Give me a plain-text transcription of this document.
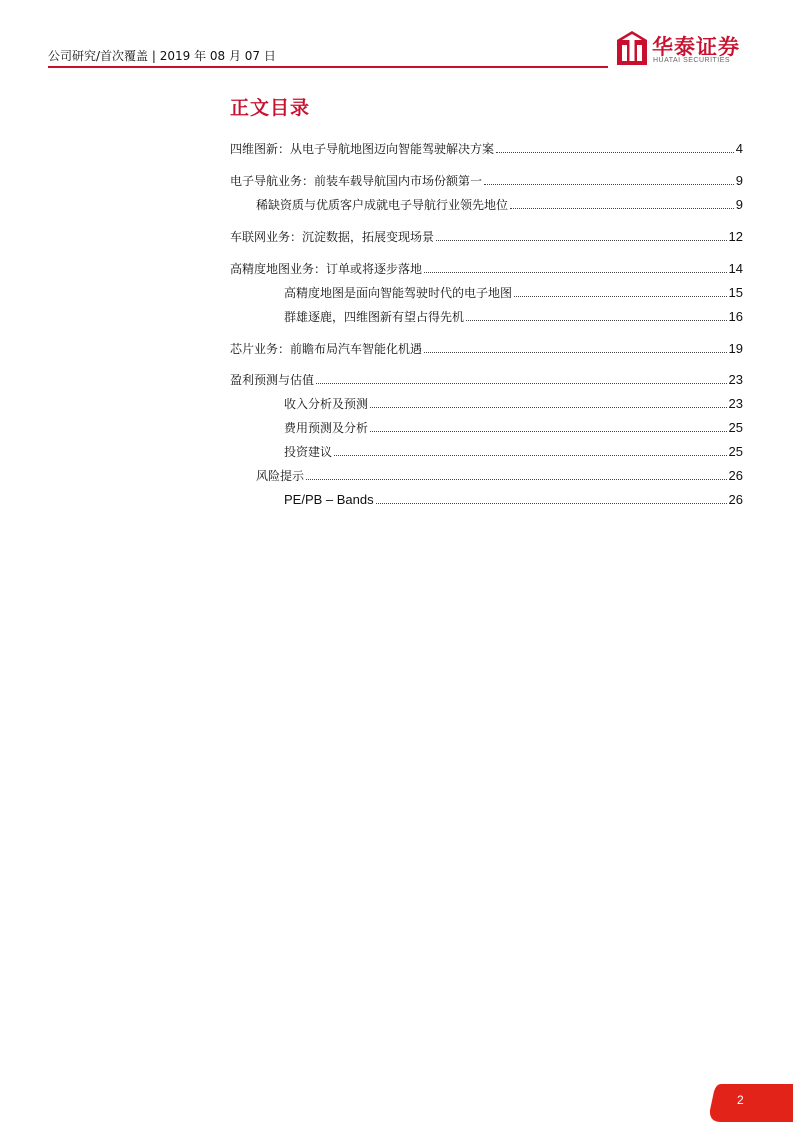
公司研究/首次覆盖 | 2019 年 08 月 07 日	华泰证券
HUATAI SECURITIES
正文目录
四维图新：从电子导航地图迈向智能驾驶解决方案	4
电子导航业务：前装车载导航国内市场份额第一	9
稀缺资质与优质客户成就电子导航行业领先地位	9
车联网业务：沉淀数据，拓展变现场景	12
高精度地图业务：订单或将逐步落地	14
高精度地图是面向智能驾驶时代的电子地图	15
群雄逐鹿，四维图新有望占得先机	16
芯片业务：前瞻布局汽车智能化机遇	19
盈利预测与估值	23
收入分析及预测	23
费用预测及分析	25
投资建议	25
风险提示	26
PE/PB – Bands	26
2
